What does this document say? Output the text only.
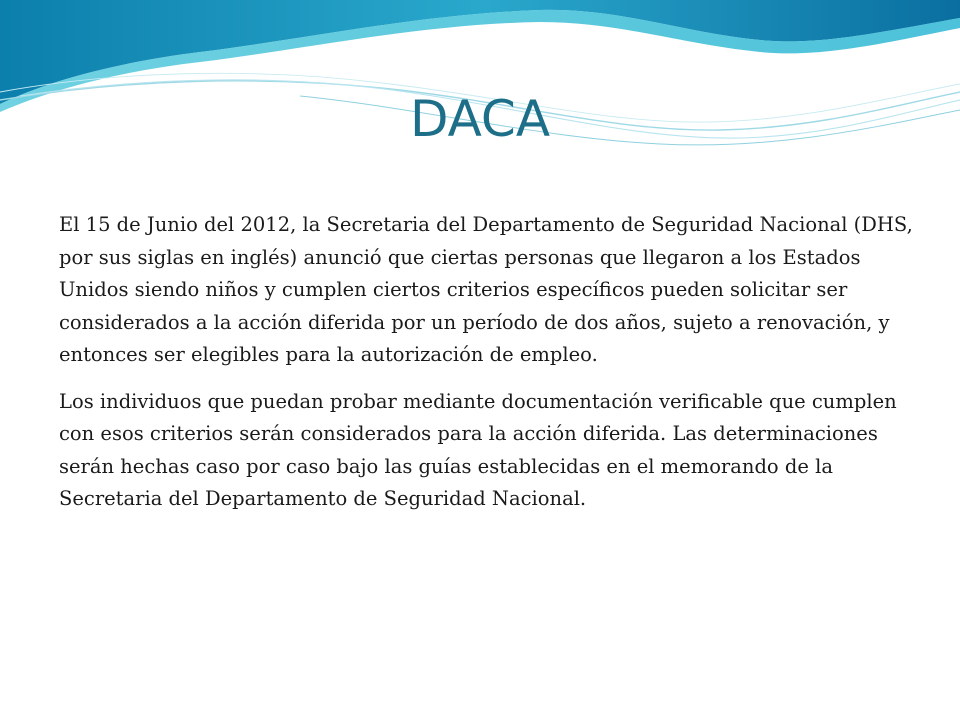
DACA

El 15 de Junio del 2012, la Secretaria del Departamento de Seguridad Nacional (DHS, por sus siglas en inglés) anunció que ciertas personas que llegaron a los Estados Unidos siendo niños y cumplen ciertos criterios específicos pueden solicitar ser considerados a la acción diferida por un período de dos años, sujeto a renovación, y entonces ser elegibles para la autorización de empleo.

Los individuos que puedan probar mediante documentación verificable que cumplen con esos criterios serán considerados para la acción diferida. Las determinaciones serán hechas caso por caso bajo las guías establecidas en el memorando de la Secretaria del Departamento de Seguridad Nacional.
